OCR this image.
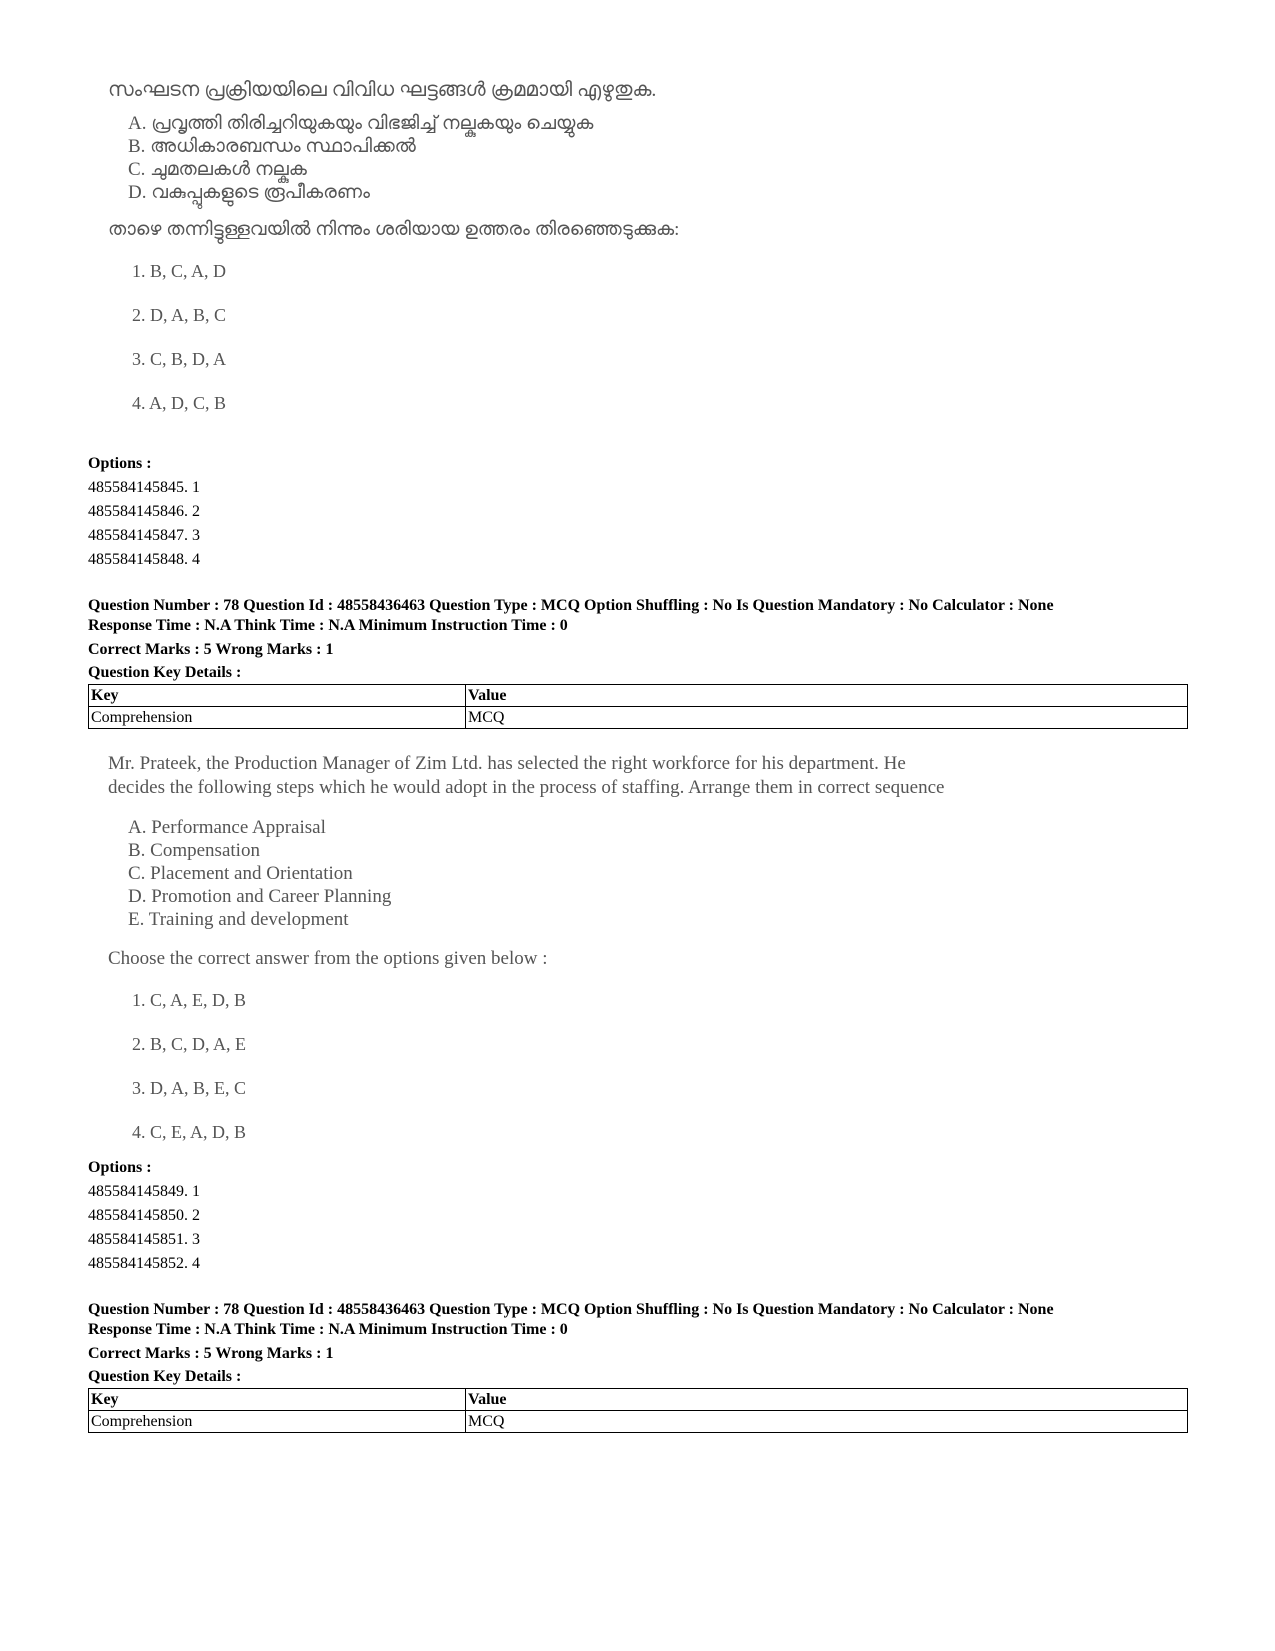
സംഘടന പ്രക്രിയയിലെ വിവിധ ഘട്ടങ്ങൾ ക്രമമായി എഴുതുക.
A. പ്രവൃത്തി തിരിച്ചറിയുകയും വിഭജിച്ച് നല്കുകയും ചെയ്യുക
B. അധികാരബന്ധം സ്ഥാപിക്കൽ
C. ചുമതലകൾ നല്കുക
D. വകുപ്പുകളുടെ രൂപീകരണം
താഴെ തന്നിട്ടുള്ളവയിൽ നിന്നും ശരിയായ ഉത്തരം തിരഞ്ഞെടുക്കുക:
1. B, C, A, D
2. D, A, B, C
3. C, B, D, A
4. A, D, C, B
Options :
485584145845. 1
485584145846. 2
485584145847. 3
485584145848. 4
Question Number : 78 Question Id : 48558436463 Question Type : MCQ Option Shuffling : No Is Question Mandatory : No Calculator : None
Response Time : N.A Think Time : N.A Minimum Instruction Time : 0
Correct Marks : 5 Wrong Marks : 1
Question Key Details :
Key	Value
Comprehension	MCQ
Mr. Prateek, the Production Manager of Zim Ltd. has selected the right workforce for his department. He
decides the following steps which he would adopt in the process of staffing. Arrange them in correct sequence
A. Performance Appraisal
B. Compensation
C. Placement and Orientation
D. Promotion and Career Planning
E. Training and development
Choose the correct answer from the options given below :
1. C, A, E, D, B
2. B, C, D, A, E
3. D, A, B, E, C
4. C, E, A, D, B
Options :
485584145849. 1
485584145850. 2
485584145851. 3
485584145852. 4
Question Number : 78 Question Id : 48558436463 Question Type : MCQ Option Shuffling : No Is Question Mandatory : No Calculator : None
Response Time : N.A Think Time : N.A Minimum Instruction Time : 0
Correct Marks : 5 Wrong Marks : 1
Question Key Details :
Key	Value
Comprehension	MCQ
